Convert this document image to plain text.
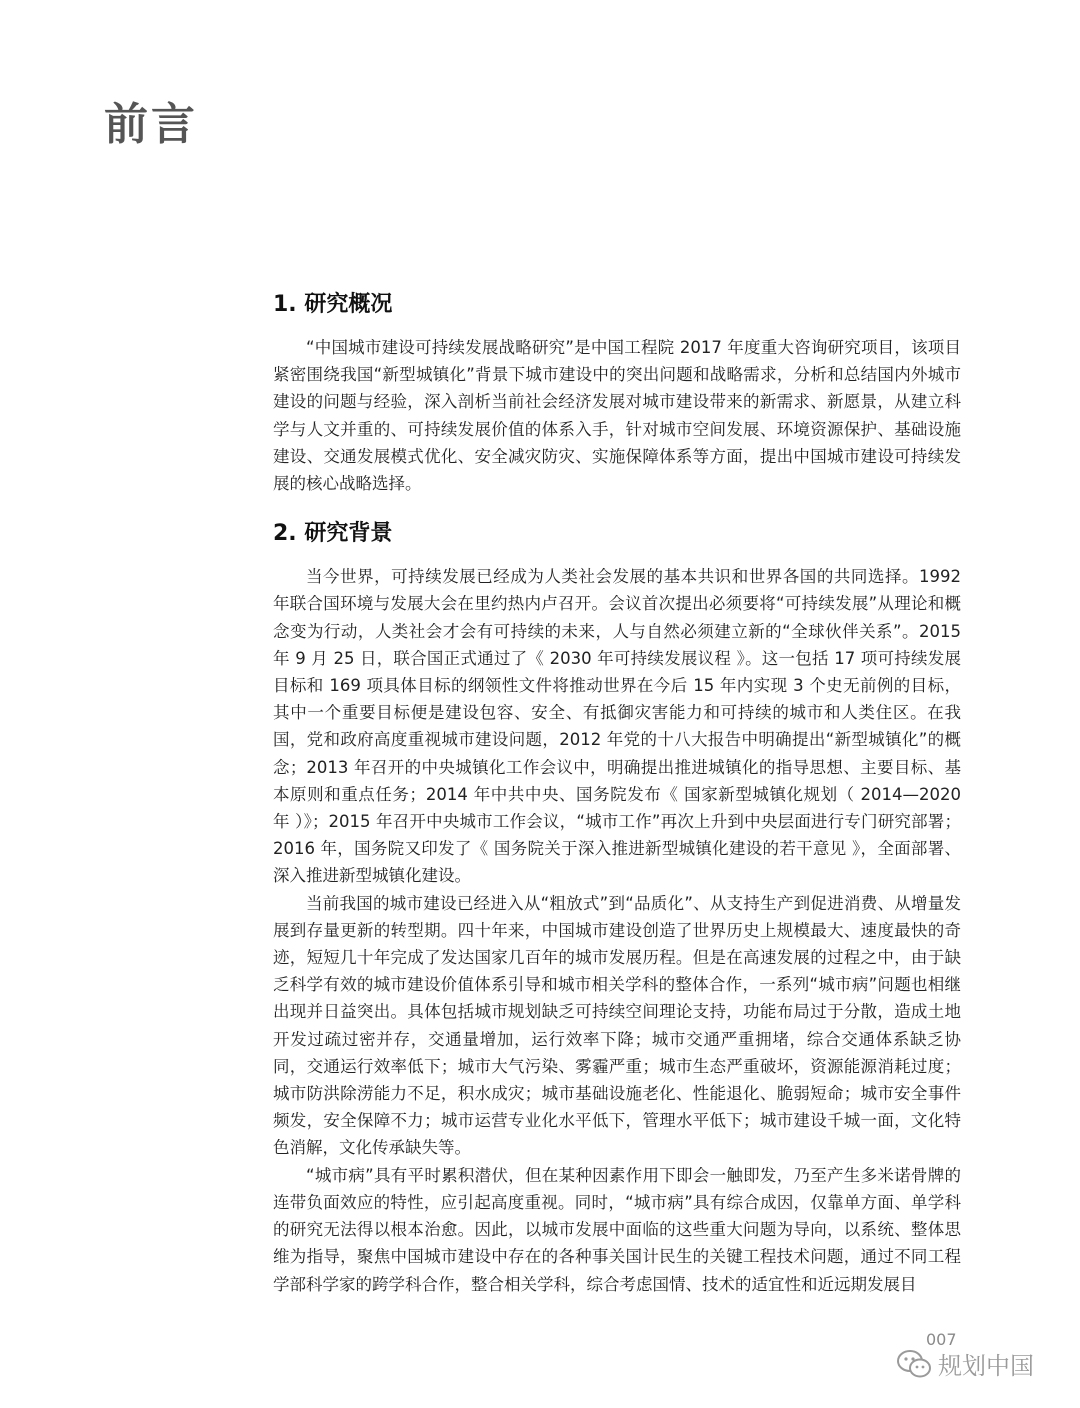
前言
1. 研究概况

“中国城市建设可持续发展战略研究”是中国工程院 2017 年度重大咨询研究项目，该项目紧密围绕我国“新型城镇化”背景下城市建设中的突出问题和战略需求，分析和总结国内外城市建设的问题与经验，深入剖析当前社会经济发展对城市建设带来的新需求、新愿景，从建立科学与人文并重的、可持续发展价值的体系入手，针对城市空间发展、环境资源保护、基础设施建设、交通发展模式优化、安全减灾防灾、实施保障体系等方面，提出中国城市建设可持续发展的核心战略选择。

2. 研究背景

当今世界，可持续发展已经成为人类社会发展的基本共识和世界各国的共同选择。1992 年联合国环境与发展大会在里约热内卢召开。会议首次提出必须要将“可持续发展”从理论和概念变为行动，人类社会才会有可持续的未来，人与自然必须建立新的“全球伙伴关系”。2015 年 9 月 25 日，联合国正式通过了《 2030 年可持续发展议程 》。这一包括 17 项可持续发展目标和 169 项具体目标的纲领性文件将推动世界在今后 15 年内实现 3 个史无前例的目标，其中一个重要目标便是建设包容、安全、有抵御灾害能力和可持续的城市和人类住区。在我国，党和政府高度重视城市建设问题，2012 年党的十八大报告中明确提出“新型城镇化”的概念；2013 年召开的中央城镇化工作会议中，明确提出推进城镇化的指导思想、主要目标、基本原则和重点任务；2014 年中共中央、国务院发布《 国家新型城镇化规划（ 2014—2020 年 ）》；2015 年召开中央城市工作会议，“城市工作”再次上升到中央层面进行专门研究部署；2016 年，国务院又印发了《 国务院关于深入推进新型城镇化建设的若干意见 》，全面部署、深入推进新型城镇化建设。

当前我国的城市建设已经进入从“粗放式”到“品质化”、从支持生产到促进消费、从增量发展到存量更新的转型期。四十年来，中国城市建设创造了世界历史上规模最大、速度最快的奇迹，短短几十年完成了发达国家几百年的城市发展历程。但是在高速发展的过程之中，由于缺乏科学有效的城市建设价值体系引导和城市相关学科的整体合作，一系列“城市病”问题也相继出现并日益突出。具体包括城市规划缺乏可持续空间理论支持，功能布局过于分散，造成土地开发过疏过密并存，交通量增加，运行效率下降；城市交通严重拥堵，综合交通体系缺乏协同，交通运行效率低下；城市大气污染、雾霾严重；城市生态严重破坏，资源能源消耗过度；城市防洪除涝能力不足，积水成灾；城市基础设施老化、性能退化、脆弱短命；城市安全事件频发，安全保障不力；城市运营专业化水平低下，管理水平低下；城市建设千城一面，文化特色消解，文化传承缺失等。

“城市病”具有平时累积潜伏，但在某种因素作用下即会一触即发，乃至产生多米诺骨牌的连带负面效应的特性，应引起高度重视。同时，“城市病”具有综合成因，仅靠单方面、单学科的研究无法得以根本治愈。因此，以城市发展中面临的这些重大问题为导向，以系统、整体思维为指导，聚焦中国城市建设中存在的各种事关国计民生的关键工程技术问题，通过不同工程学部科学家的跨学科合作，整合相关学科，综合考虑国情、技术的适宜性和近远期发展目

007
规划中国
